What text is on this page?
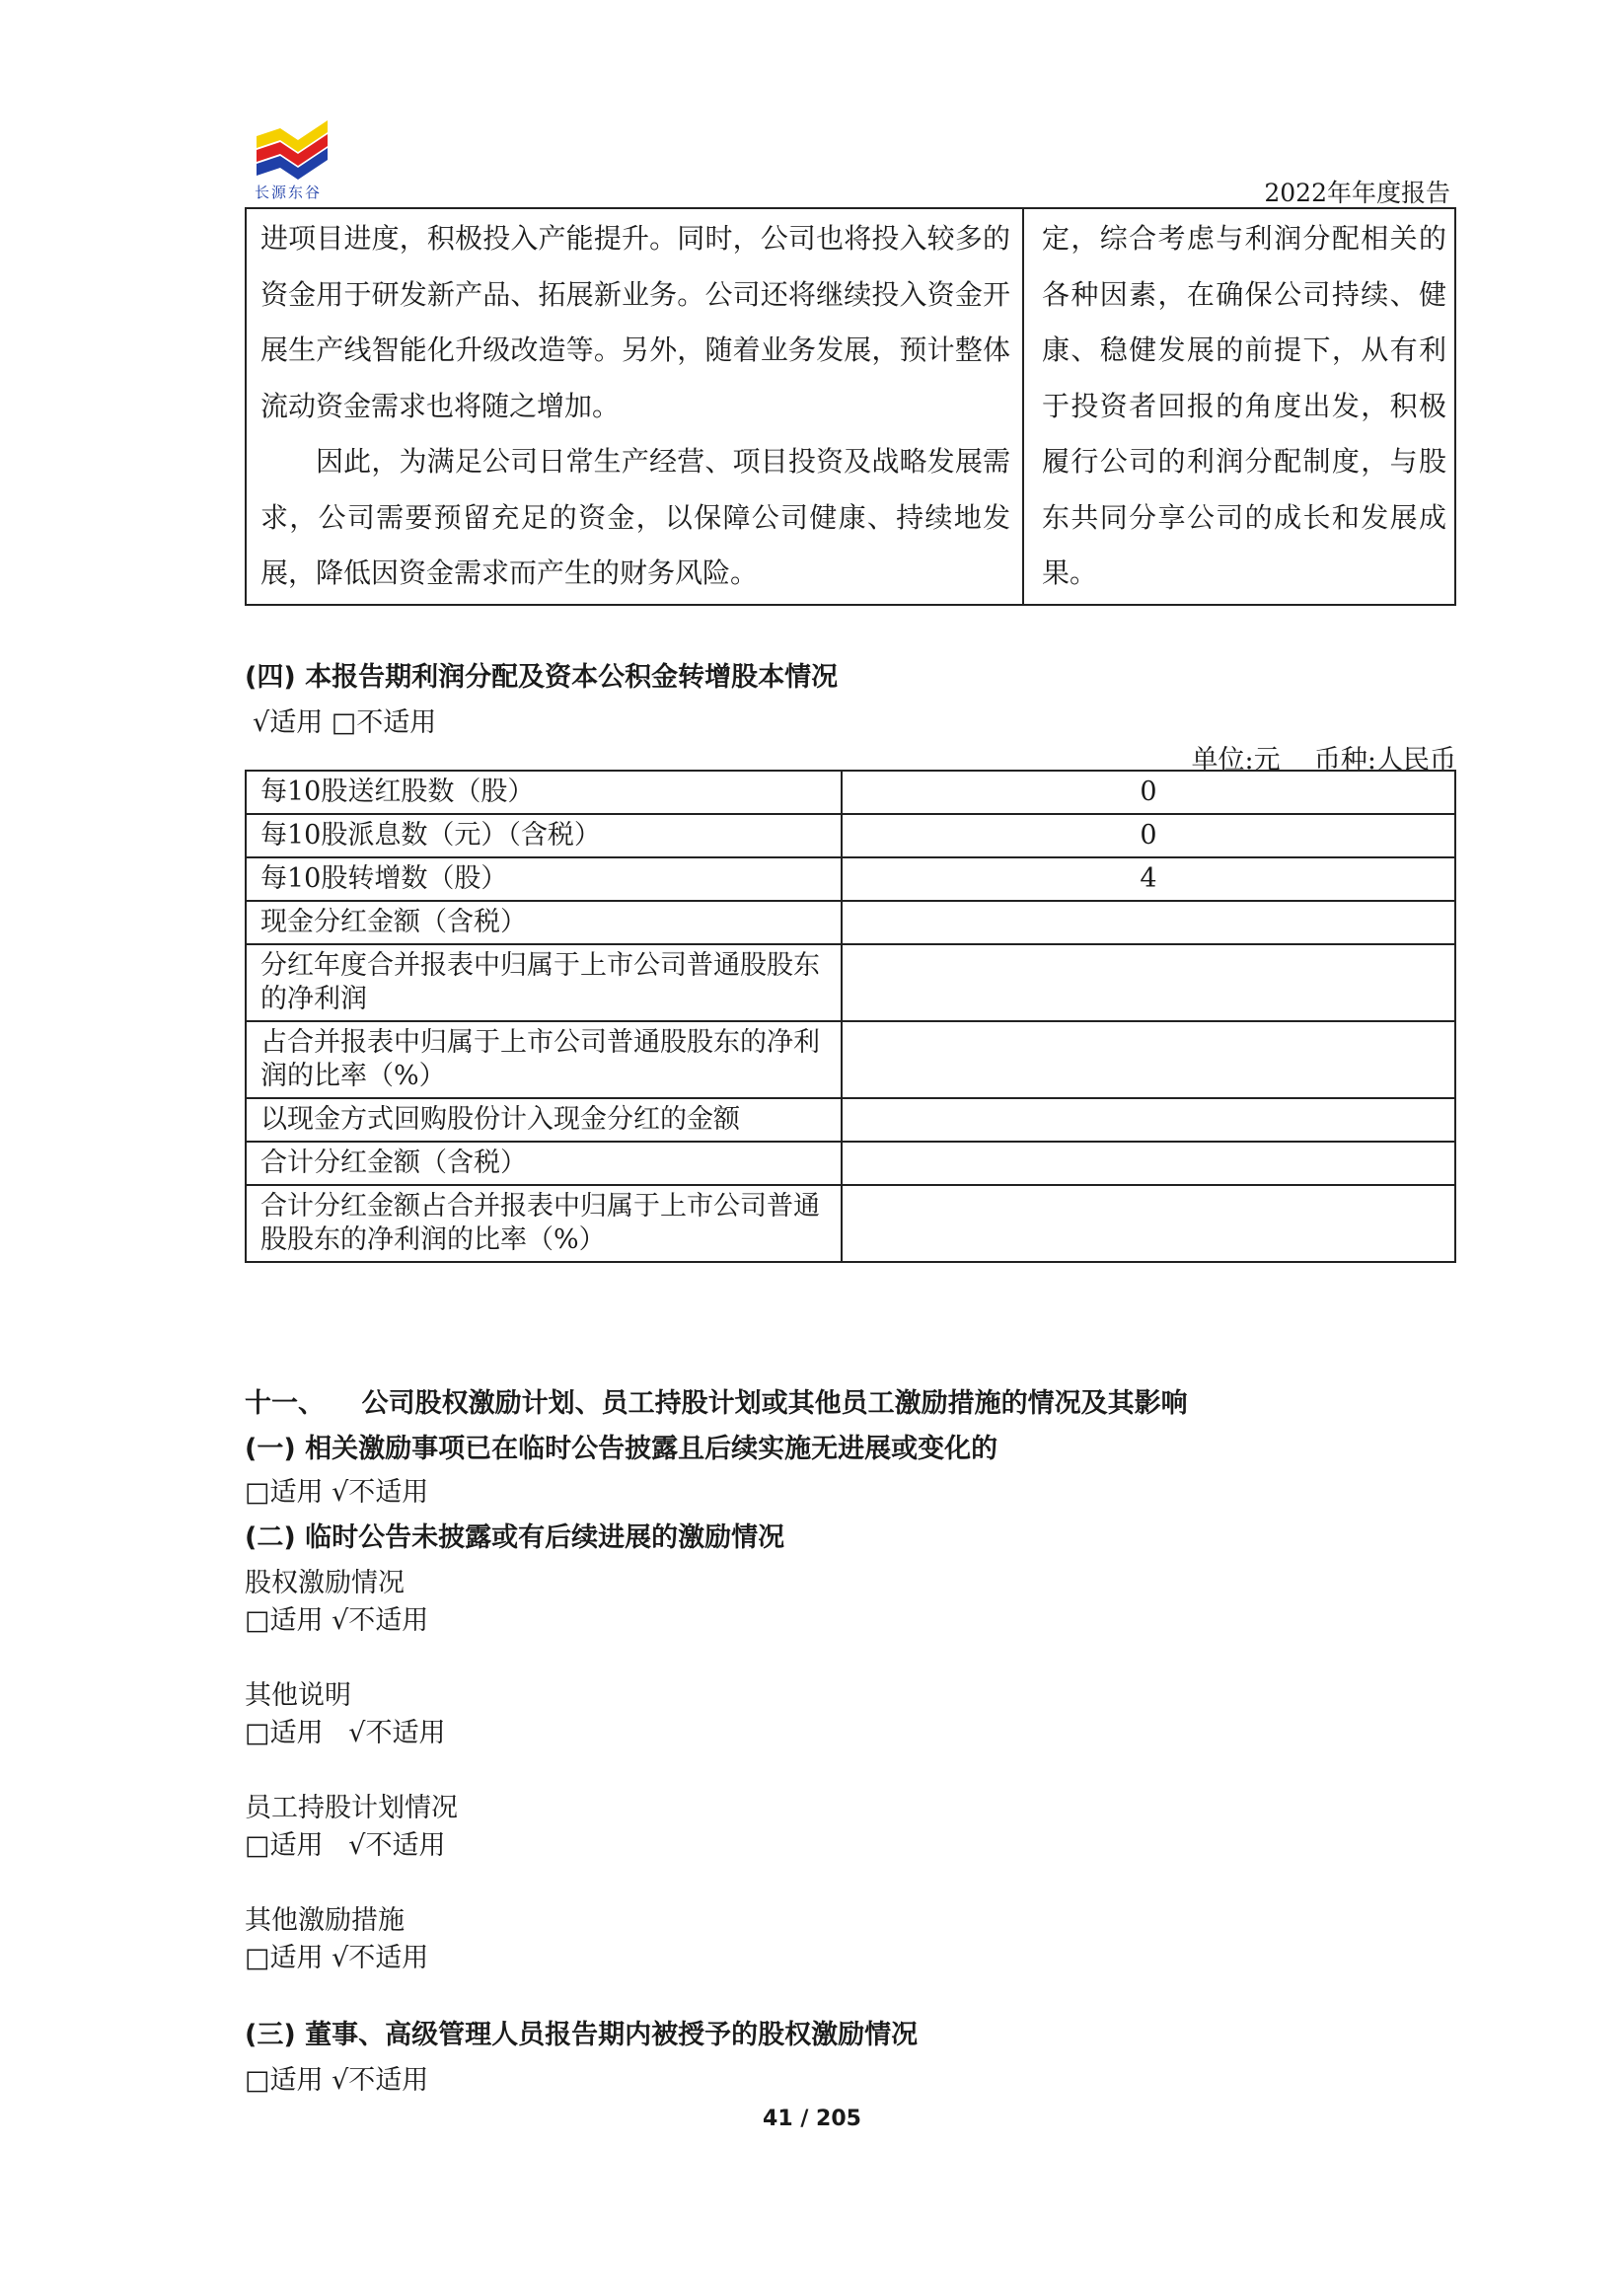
长源东谷	2022年年度报告

进项目进度，积极投入产能提升。同时，公司也将投入较多的资金用于研发新产品、拓展新业务。公司还将继续投入资金开展生产线智能化升级改造等。另外，随着业务发展，预计整体流动资金需求也将随之增加。

因此，为满足公司日常生产经营、项目投资及战略发展需求，公司需要预留充足的资金，以保障公司健康、持续地发展，降低因资金需求而产生的财务风险。

定，综合考虑与利润分配相关的各种因素，在确保公司持续、健康、稳健发展的前提下，从有利于投资者回报的角度出发，积极履行公司的利润分配制度，与股东共同分享公司的成长和发展成果。

(四) 本报告期利润分配及资本公积金转增股本情况
√适用 □不适用
单位:元    币种:人民币
每10股送红股数（股）	0
每10股派息数（元）（含税）	0
每10股转增数（股）	4
现金分红金额（含税）	
分红年度合并报表中归属于上市公司普通股股东的净利润	
占合并报表中归属于上市公司普通股股东的净利润的比率（%）	
以现金方式回购股份计入现金分红的金额	
合计分红金额（含税）	
合计分红金额占合并报表中归属于上市公司普通股股东的净利润的比率（%）	
十一、    公司股权激励计划、员工持股计划或其他员工激励措施的情况及其影响
(一) 相关激励事项已在临时公告披露且后续实施无进展或变化的
□适用 √不适用
(二) 临时公告未披露或有后续进展的激励情况
股权激励情况
□适用 √不适用
其他说明
□适用   √不适用
员工持股计划情况
□适用   √不适用
其他激励措施
□适用 √不适用
(三) 董事、高级管理人员报告期内被授予的股权激励情况
□适用 √不适用
41 / 205
